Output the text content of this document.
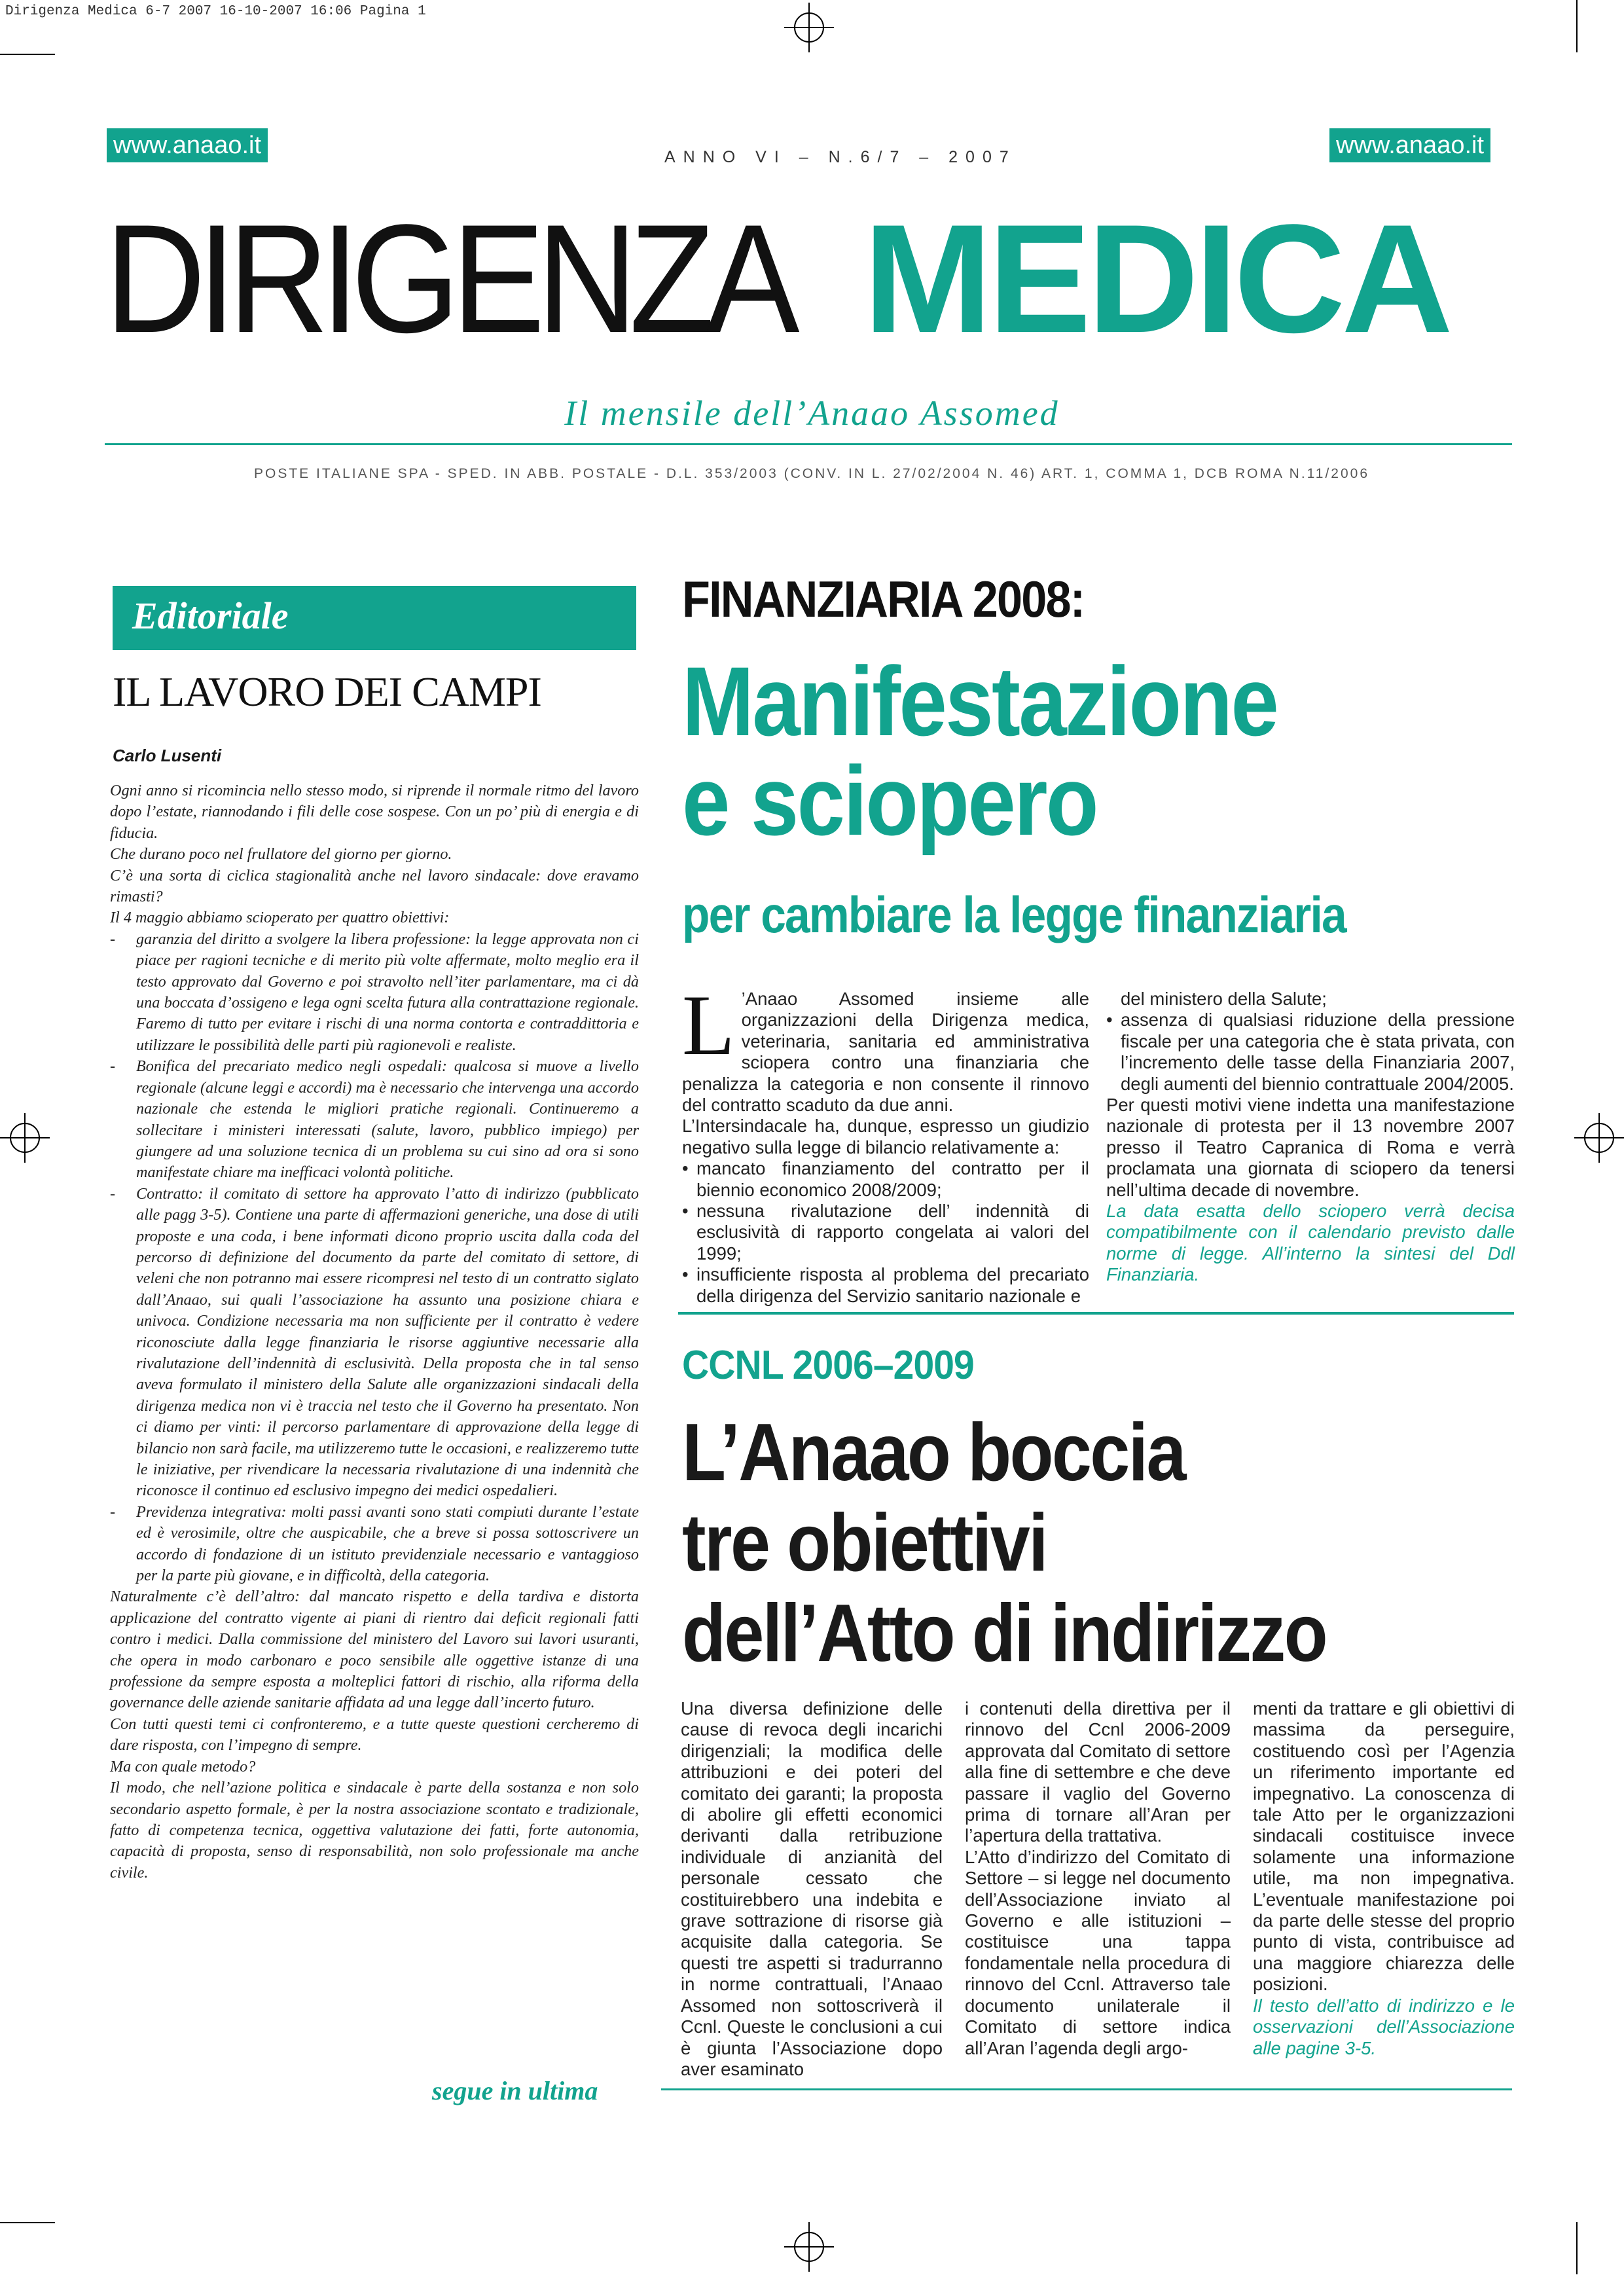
Dirigenza Medica 6-7 2007 16-10-2007 16:06 Pagina 1
www.anaao.it	www.anaao.it
ANNO VI – N.6/7 – 2007
DIRIGENZA MEDICA
Il mensile dell’Anaao Assomed
POSTE ITALIANE SPA - SPED. IN ABB. POSTALE - D.L. 353/2003 (CONV. IN L. 27/02/2004 N. 46) ART. 1, COMMA 1, DCB ROMA N.11/2006
Editoriale
IL LAVORO DEI CAMPI
Carlo Lusenti

Ogni anno si ricomincia nello stesso modo, si riprende il normale ritmo del lavoro dopo l’estate, riannodando i fili delle cose sospese. Con un po’ più di energia e di fiducia.

Che durano poco nel frullatore del giorno per giorno.

C’è una sorta di ciclica stagionalità anche nel lavoro sindacale: dove eravamo rimasti?

Il 4 maggio abbiamo scioperato per quattro obiettivi:

- garanzia del diritto a svolgere la libera professione: la legge approvata non ci piace per ragioni tecniche e di merito più volte affermate, molto meglio era il testo approvato dal Governo e poi stravolto nell’iter parlamentare, ma ci dà una boccata d’ossigeno e lega ogni scelta futura alla contrattazione regionale. Faremo di tutto per evitare i rischi di una norma contorta e contraddittoria e utilizzare le possibilità delle parti più ragionevoli e realiste.
- Bonifica del precariato medico negli ospedali: qualcosa si muove a livello regionale (alcune leggi e accordi) ma è necessario che intervenga una accordo nazionale che estenda le migliori pratiche regionali. Continueremo a sollecitare i ministeri interessati (salute, lavoro, pubblico impiego) per giungere ad una soluzione tecnica di un problema su cui sino ad ora si sono manifestate chiare ma inefficaci volontà politiche.
- Contratto: il comitato di settore ha approvato l’atto di indirizzo (pubblicato alle pagg 3-5). Contiene una parte di affermazioni generiche, una dose di utili proposte e una coda, i bene informati dicono proprio uscita dalla coda del percorso di definizione del documento da parte del comitato di settore, di veleni che non potranno mai essere ricompresi nel testo di un contratto siglato dall’Anaao, sui quali l’associazione ha assunto una posizione chiara e univoca. Condizione necessaria ma non sufficiente per il contratto è vedere riconosciute dalla legge finanziaria le risorse aggiuntive necessarie alla rivalutazione dell’indennità di esclusività. Della proposta che in tal senso aveva formulato il ministero della Salute alle organizzazioni sindacali della dirigenza medica non vi è traccia nel testo che il Governo ha presentato. Non ci diamo per vinti: il percorso parlamentare di approvazione della legge di bilancio non sarà facile, ma utilizzeremo tutte le occasioni, e realizzeremo tutte le iniziative, per rivendicare la necessaria rivalutazione di una indennità che riconosce il continuo ed esclusivo impegno dei medici ospedalieri.
- Previdenza integrativa: molti passi avanti sono stati compiuti durante l’estate ed è verosimile, oltre che auspicabile, che a breve si possa sottoscrivere un accordo di fondazione di un istituto previdenziale necessario e vantaggioso per la parte più giovane, e in difficoltà, della categoria.

Naturalmente c’è dell’altro: dal mancato rispetto e della tardiva e distorta applicazione del contratto vigente ai piani di rientro dai deficit regionali fatti contro i medici. Dalla commissione del ministero del Lavoro sui lavori usuranti, che opera in modo carbonaro e poco sensibile alle oggettive istanze di una professione da sempre esposta a molteplici fattori di rischio, alla riforma della governance delle aziende sanitarie affidata ad una legge dall’incerto futuro.

Con tutti questi temi ci confronteremo, e a tutte queste questioni cercheremo di dare risposta, con l’impegno di sempre.

Ma con quale metodo?

Il modo, che nell’azione politica e sindacale è parte della sostanza e non solo secondario aspetto formale, è per la nostra associazione scontato e tradizionale, fatto di competenza tecnica, oggettiva valutazione dei fatti, forte autonomia, capacità di proposta, senso di responsabilità, non solo professionale ma anche civile.

segue in ultima
FINANZIARIA 2008:
Manifestazione
e sciopero
per cambiare la legge finanziaria

L ’Anaao Assomed insieme alle organizzazioni della Dirigenza medica, veterinaria, sanitaria ed amministrativa sciopera contro una finanziaria che penalizza la categoria e non consente il rinnovo del contratto scaduto da due anni.

L’Intersindacale ha, dunque, espresso un giudizio negativo sulla legge di bilancio relativamente a:

• mancato finanziamento del contratto per il biennio economico 2008/2009;
• nessuna rivalutazione dell’ indennità di esclusività di rapporto congelata ai valori del 1999;
• insufficiente risposta al problema del precariato della dirigenza del Servizio sanitario nazionale e

del ministero della Salute;

• assenza di qualsiasi riduzione della pressione fiscale per una categoria che è stata privata, con l’incremento delle tasse della Finanziaria 2007, degli aumenti del biennio contrattuale 2004/2005.

Per questi motivi viene indetta una manifestazione nazionale di protesta per il 13 novembre 2007 presso il Teatro Capranica di Roma e verrà proclamata una giornata di sciopero da tenersi nell’ultima decade di novembre.

La data esatta dello sciopero verrà decisa compatibilmente con il calendario previsto dalle norme di legge. All’interno la sintesi del Ddl Finanziaria.

CCNL 2006–2009
L’Anaao boccia
tre obiettivi
dell’Atto di indirizzo

Una diversa definizione delle cause di revoca degli incarichi dirigenziali; la modifica delle attribuzioni e dei poteri del comitato dei garanti; la proposta di abolire gli effetti economici derivanti dalla retribuzione individuale di anzianità del personale cessato che costituirebbero una indebita e grave sottrazione di risorse già acquisite dalla categoria. Se questi tre aspetti si tradurranno in norme contrattuali, l’Anaao Assomed non sottoscriverà il Ccnl. Queste le conclusioni a cui è giunta l’Associazione dopo aver esaminato

i contenuti della direttiva per il rinnovo del Ccnl 2006-2009 approvata dal Comitato di settore alla fine di settembre e che deve passare il vaglio del Governo prima di tornare all’Aran per l’apertura della trattativa.

L’Atto d’indirizzo del Comitato di Settore – si legge nel documento dell’Associazione inviato al Governo e alle istituzioni – costituisce una tappa fondamentale nella procedura di rinnovo del Ccnl. Attraverso tale documento unilaterale il Comitato di settore indica all’Aran l’agenda degli argo-

menti da trattare e gli obiettivi di massima da perseguire, costituendo così per l’Agenzia un riferimento importante ed impegnativo. La conoscenza di tale Atto per le organizzazioni sindacali costituisce invece solamente una informazione utile, ma non impegnativa. L’eventuale manifestazione poi da parte delle stesse del proprio punto di vista, contribuisce ad una maggiore chiarezza delle posizioni.

Il testo dell’atto di indirizzo e le osservazioni dell’Associazione alle pagine 3-5.
